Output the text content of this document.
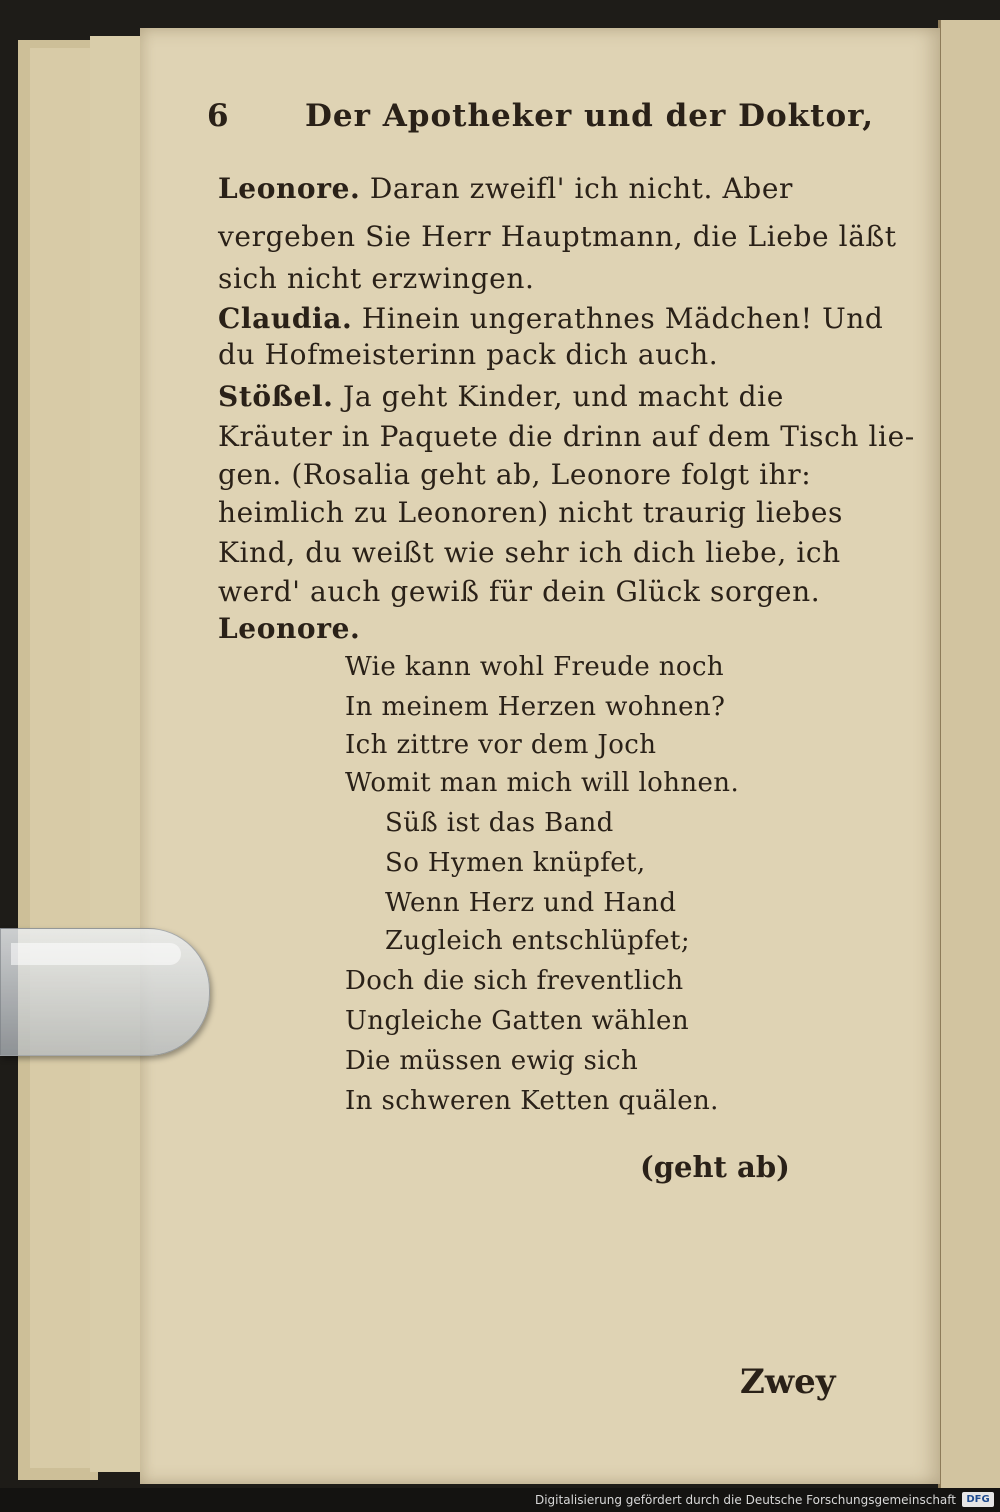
6 Der Apotheker und der Doktor,
Leonore. Daran zweifl' ich nicht. Aber
vergeben Sie Herr Hauptmann, die Liebe läßt
sich nicht erzwingen.
Claudia. Hinein ungerathnes Mädchen! Und
du Hofmeisterinn pack dich auch.
Stößel. Ja geht Kinder, und macht die
Kräuter in Paquete die drinn auf dem Tisch lie-
gen. (Rosalia geht ab, Leonore folgt ihr:
heimlich zu Leonoren) nicht traurig liebes
Kind, du weißt wie sehr ich dich liebe, ich
werd' auch gewiß für dein Glück sorgen.
Leonore.
Wie kann wohl Freude noch
In meinem Herzen wohnen?
Ich zittre vor dem Joch
Womit man mich will lohnen.
Süß ist das Band
So Hymen knüpfet,
Wenn Herz und Hand
Zugleich entschlüpfet;
Doch die sich freventlich
Ungleiche Gatten wählen
Die müssen ewig sich
In schweren Ketten quälen.
(geht ab)
Zwey
Digitalisierung gefördert durch die Deutsche Forschungsgemeinschaft	DFG
